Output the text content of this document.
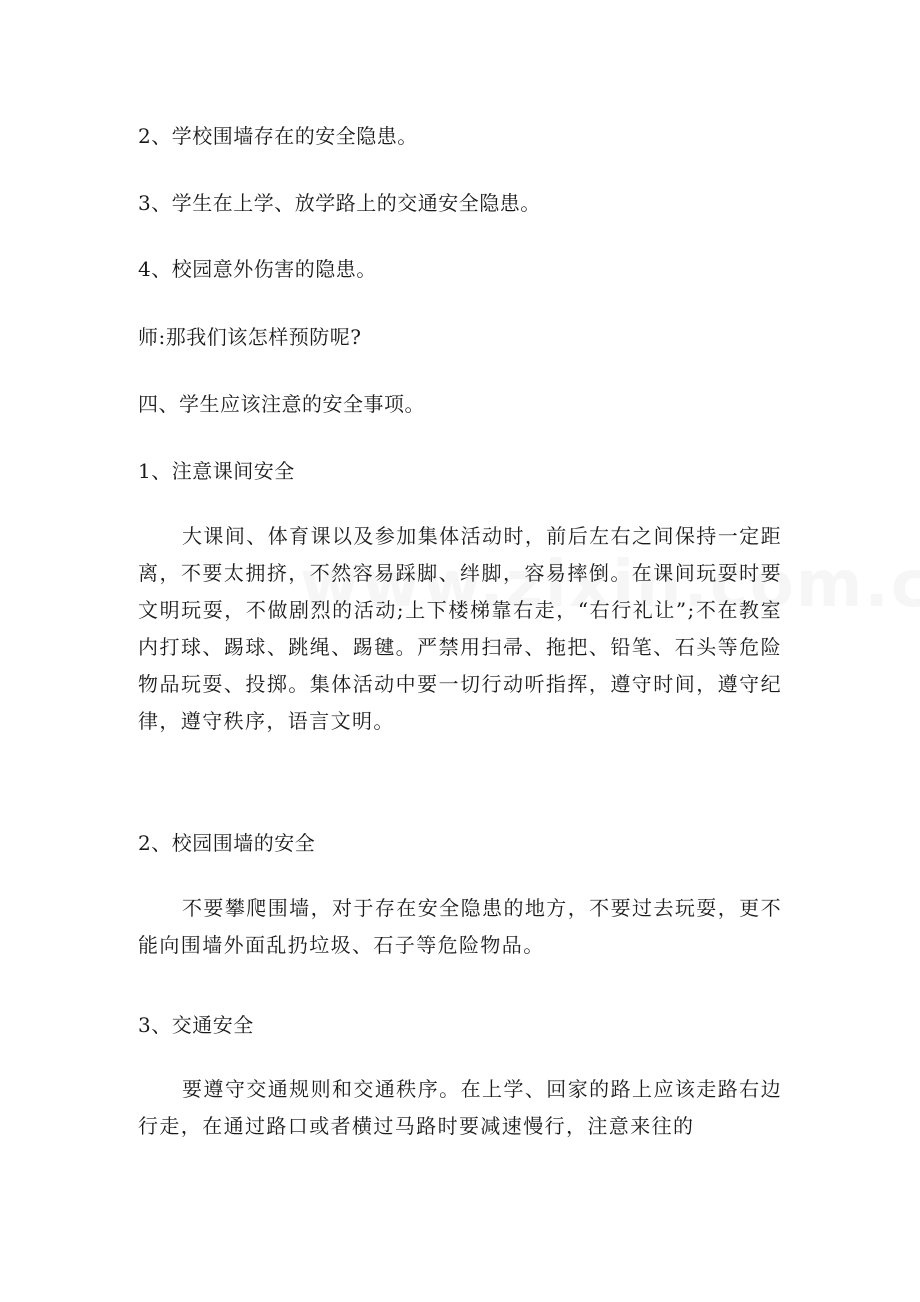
2、学校围墙存在的安全隐患。
3、学生在上学、放学路上的交通安全隐患。
4、校园意外伤害的隐患。
师:那我们该怎样预防呢?
四、学生应该注意的安全事项。
1、注意课间安全
大课间、体育课以及参加集体活动时，前后左右之间保持一定距离，不要太拥挤，不然容易踩脚、绊脚，容易摔倒。在课间玩耍时要文明玩耍，不做剧烈的活动;上下楼梯靠右走，“右行礼让”;不在教室内打球、踢球、跳绳、踢毽。严禁用扫帚、拖把、铅笔、石头等危险物品玩耍、投掷。集体活动中要一切行动听指挥，遵守时间，遵守纪律，遵守秩序，语言文明。
2、校园围墙的安全
不要攀爬围墙，对于存在安全隐患的地方，不要过去玩耍，更不能向围墙外面乱扔垃圾、石子等危险物品。
3、交通安全
要遵守交通规则和交通秩序。在上学、回家的路上应该走路右边行走，在通过路口或者横过马路时要减速慢行，注意来往的
